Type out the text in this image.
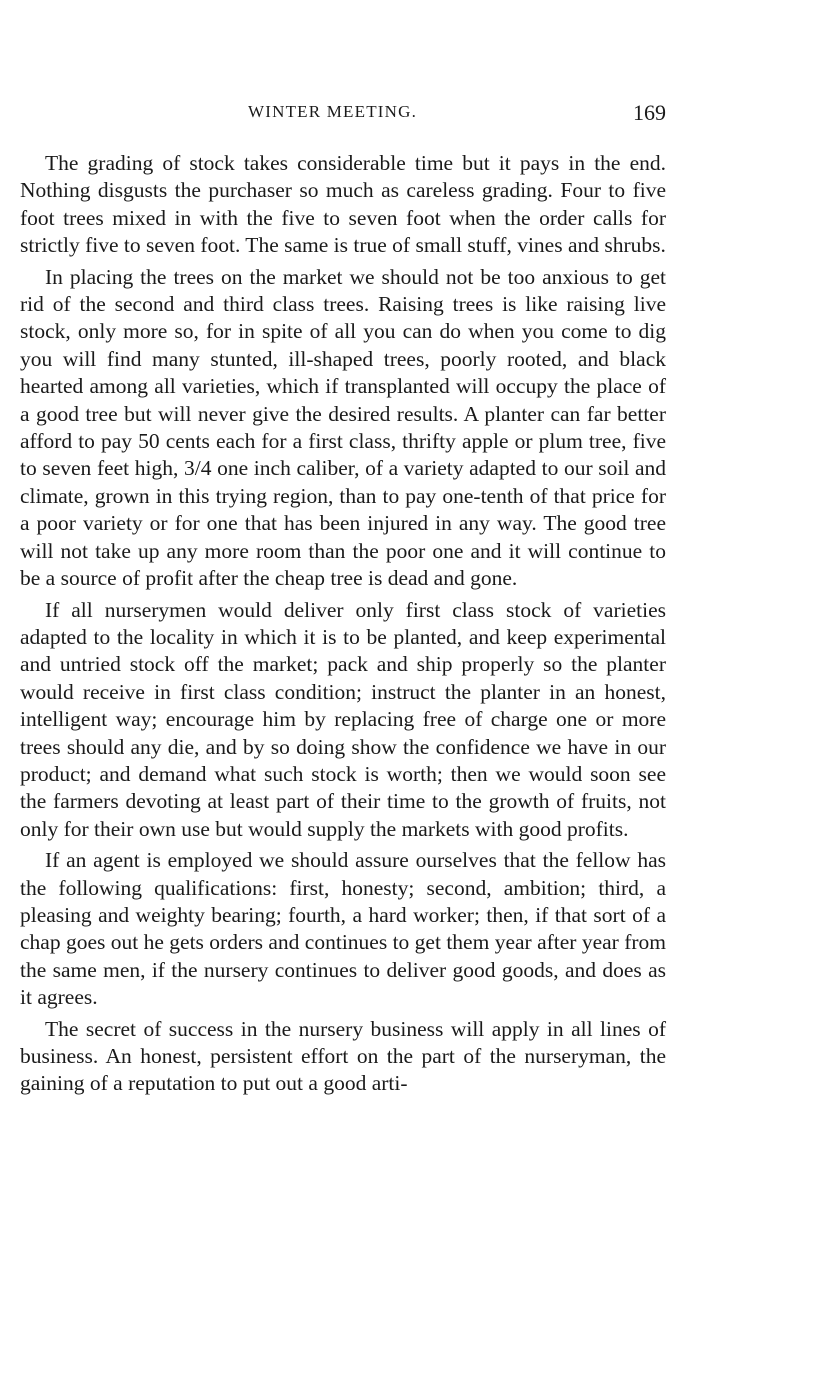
WINTER MEETING.	169

The grading of stock takes considerable time but it pays in the end. Nothing disgusts the purchaser so much as careless grading. Four to five foot trees mixed in with the five to seven foot when the order calls for strictly five to seven foot. The same is true of small stuff, vines and shrubs.

In placing the trees on the market we should not be too anxious to get rid of the second and third class trees. Raising trees is like raising live stock, only more so, for in spite of all you can do when you come to dig you will find many stunted, ill-shaped trees, poorly rooted, and black hearted among all varieties, which if transplanted will occupy the place of a good tree but will never give the desired results. A planter can far better afford to pay 50 cents each for a first class, thrifty apple or plum tree, five to seven feet high, 3/4 one inch caliber, of a variety adapted to our soil and climate, grown in this trying region, than to pay one-tenth of that price for a poor variety or for one that has been injured in any way. The good tree will not take up any more room than the poor one and it will continue to be a source of profit after the cheap tree is dead and gone.

If all nurserymen would deliver only first class stock of varieties adapted to the locality in which it is to be planted, and keep experimental and untried stock off the market; pack and ship properly so the planter would receive in first class condition; instruct the planter in an honest, intelligent way; encourage him by replacing free of charge one or more trees should any die, and by so doing show the confidence we have in our product; and demand what such stock is worth; then we would soon see the farmers devoting at least part of their time to the growth of fruits, not only for their own use but would supply the markets with good profits.

If an agent is employed we should assure ourselves that the fellow has the following qualifications: first, honesty; second, ambition; third, a pleasing and weighty bearing; fourth, a hard worker; then, if that sort of a chap goes out he gets orders and continues to get them year after year from the same men, if the nursery continues to deliver good goods, and does as it agrees.

The secret of success in the nursery business will apply in all lines of business. An honest, persistent effort on the part of the nurseryman, the gaining of a reputation to put out a good arti-
